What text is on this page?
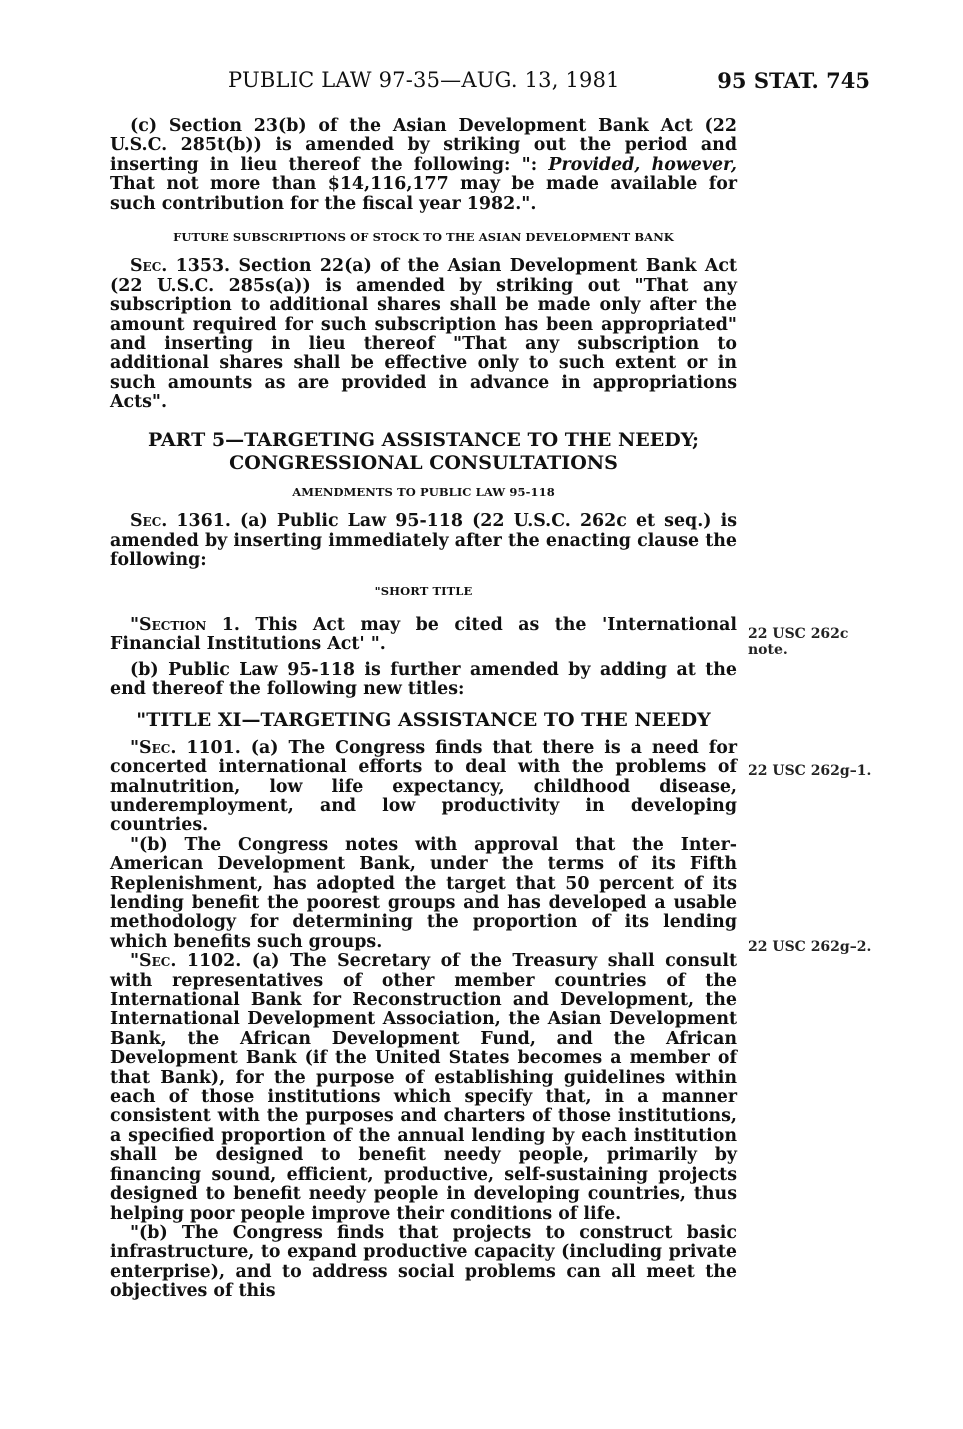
PUBLIC LAW 97-35—AUG. 13, 1981	95 STAT. 745

(c) Section 23(b) of the Asian Development Bank Act (22 U.S.C. 285t(b)) is amended by striking out the period and inserting in lieu thereof the following: ": Provided, however, That not more than $14,116,177 may be made available for such contribution for the fiscal year 1982.".

FUTURE SUBSCRIPTIONS OF STOCK TO THE ASIAN DEVELOPMENT BANK

Sec. 1353. Section 22(a) of the Asian Development Bank Act (22 U.S.C. 285s(a)) is amended by striking out "That any subscription to additional shares shall be made only after the amount required for such subscription has been appropriated" and inserting in lieu thereof "That any subscription to additional shares shall be effective only to such extent or in such amounts as are provided in advance in appropriations Acts".

PART 5—TARGETING ASSISTANCE TO THE NEEDY;
CONGRESSIONAL CONSULTATIONS
AMENDMENTS TO PUBLIC LAW 95-118

Sec. 1361. (a) Public Law 95-118 (22 U.S.C. 262c et seq.) is amended by inserting immediately after the enacting clause the following:

"SHORT TITLE

"Section 1. This Act may be cited as the 'International Financial Institutions Act' ".

(b) Public Law 95-118 is further amended by adding at the end thereof the following new titles:

"TITLE XI—TARGETING ASSISTANCE TO THE NEEDY

"Sec. 1101. (a) The Congress finds that there is a need for concerted international efforts to deal with the problems of malnutrition, low life expectancy, childhood disease, underemployment, and low productivity in developing countries.

"(b) The Congress notes with approval that the Inter-American Development Bank, under the terms of its Fifth Replenishment, has adopted the target that 50 percent of its lending benefit the poorest groups and has developed a usable methodology for determining the proportion of its lending which benefits such groups.

"Sec. 1102. (a) The Secretary of the Treasury shall consult with representatives of other member countries of the International Bank for Reconstruction and Development, the International Development Association, the Asian Development Bank, the African Development Fund, and the African Development Bank (if the United States becomes a member of that Bank), for the purpose of establishing guidelines within each of those institutions which specify that, in a manner consistent with the purposes and charters of those institutions, a specified proportion of the annual lending by each institution shall be designed to benefit needy people, primarily by financing sound, efficient, productive, self-sustaining projects designed to benefit needy people in developing countries, thus helping poor people improve their conditions of life.

"(b) The Congress finds that projects to construct basic infrastructure, to expand productive capacity (including private enterprise), and to address social problems can all meet the objectives of this

22 USC 262c
note.
22 USC 262g–1.
22 USC 262g–2.
